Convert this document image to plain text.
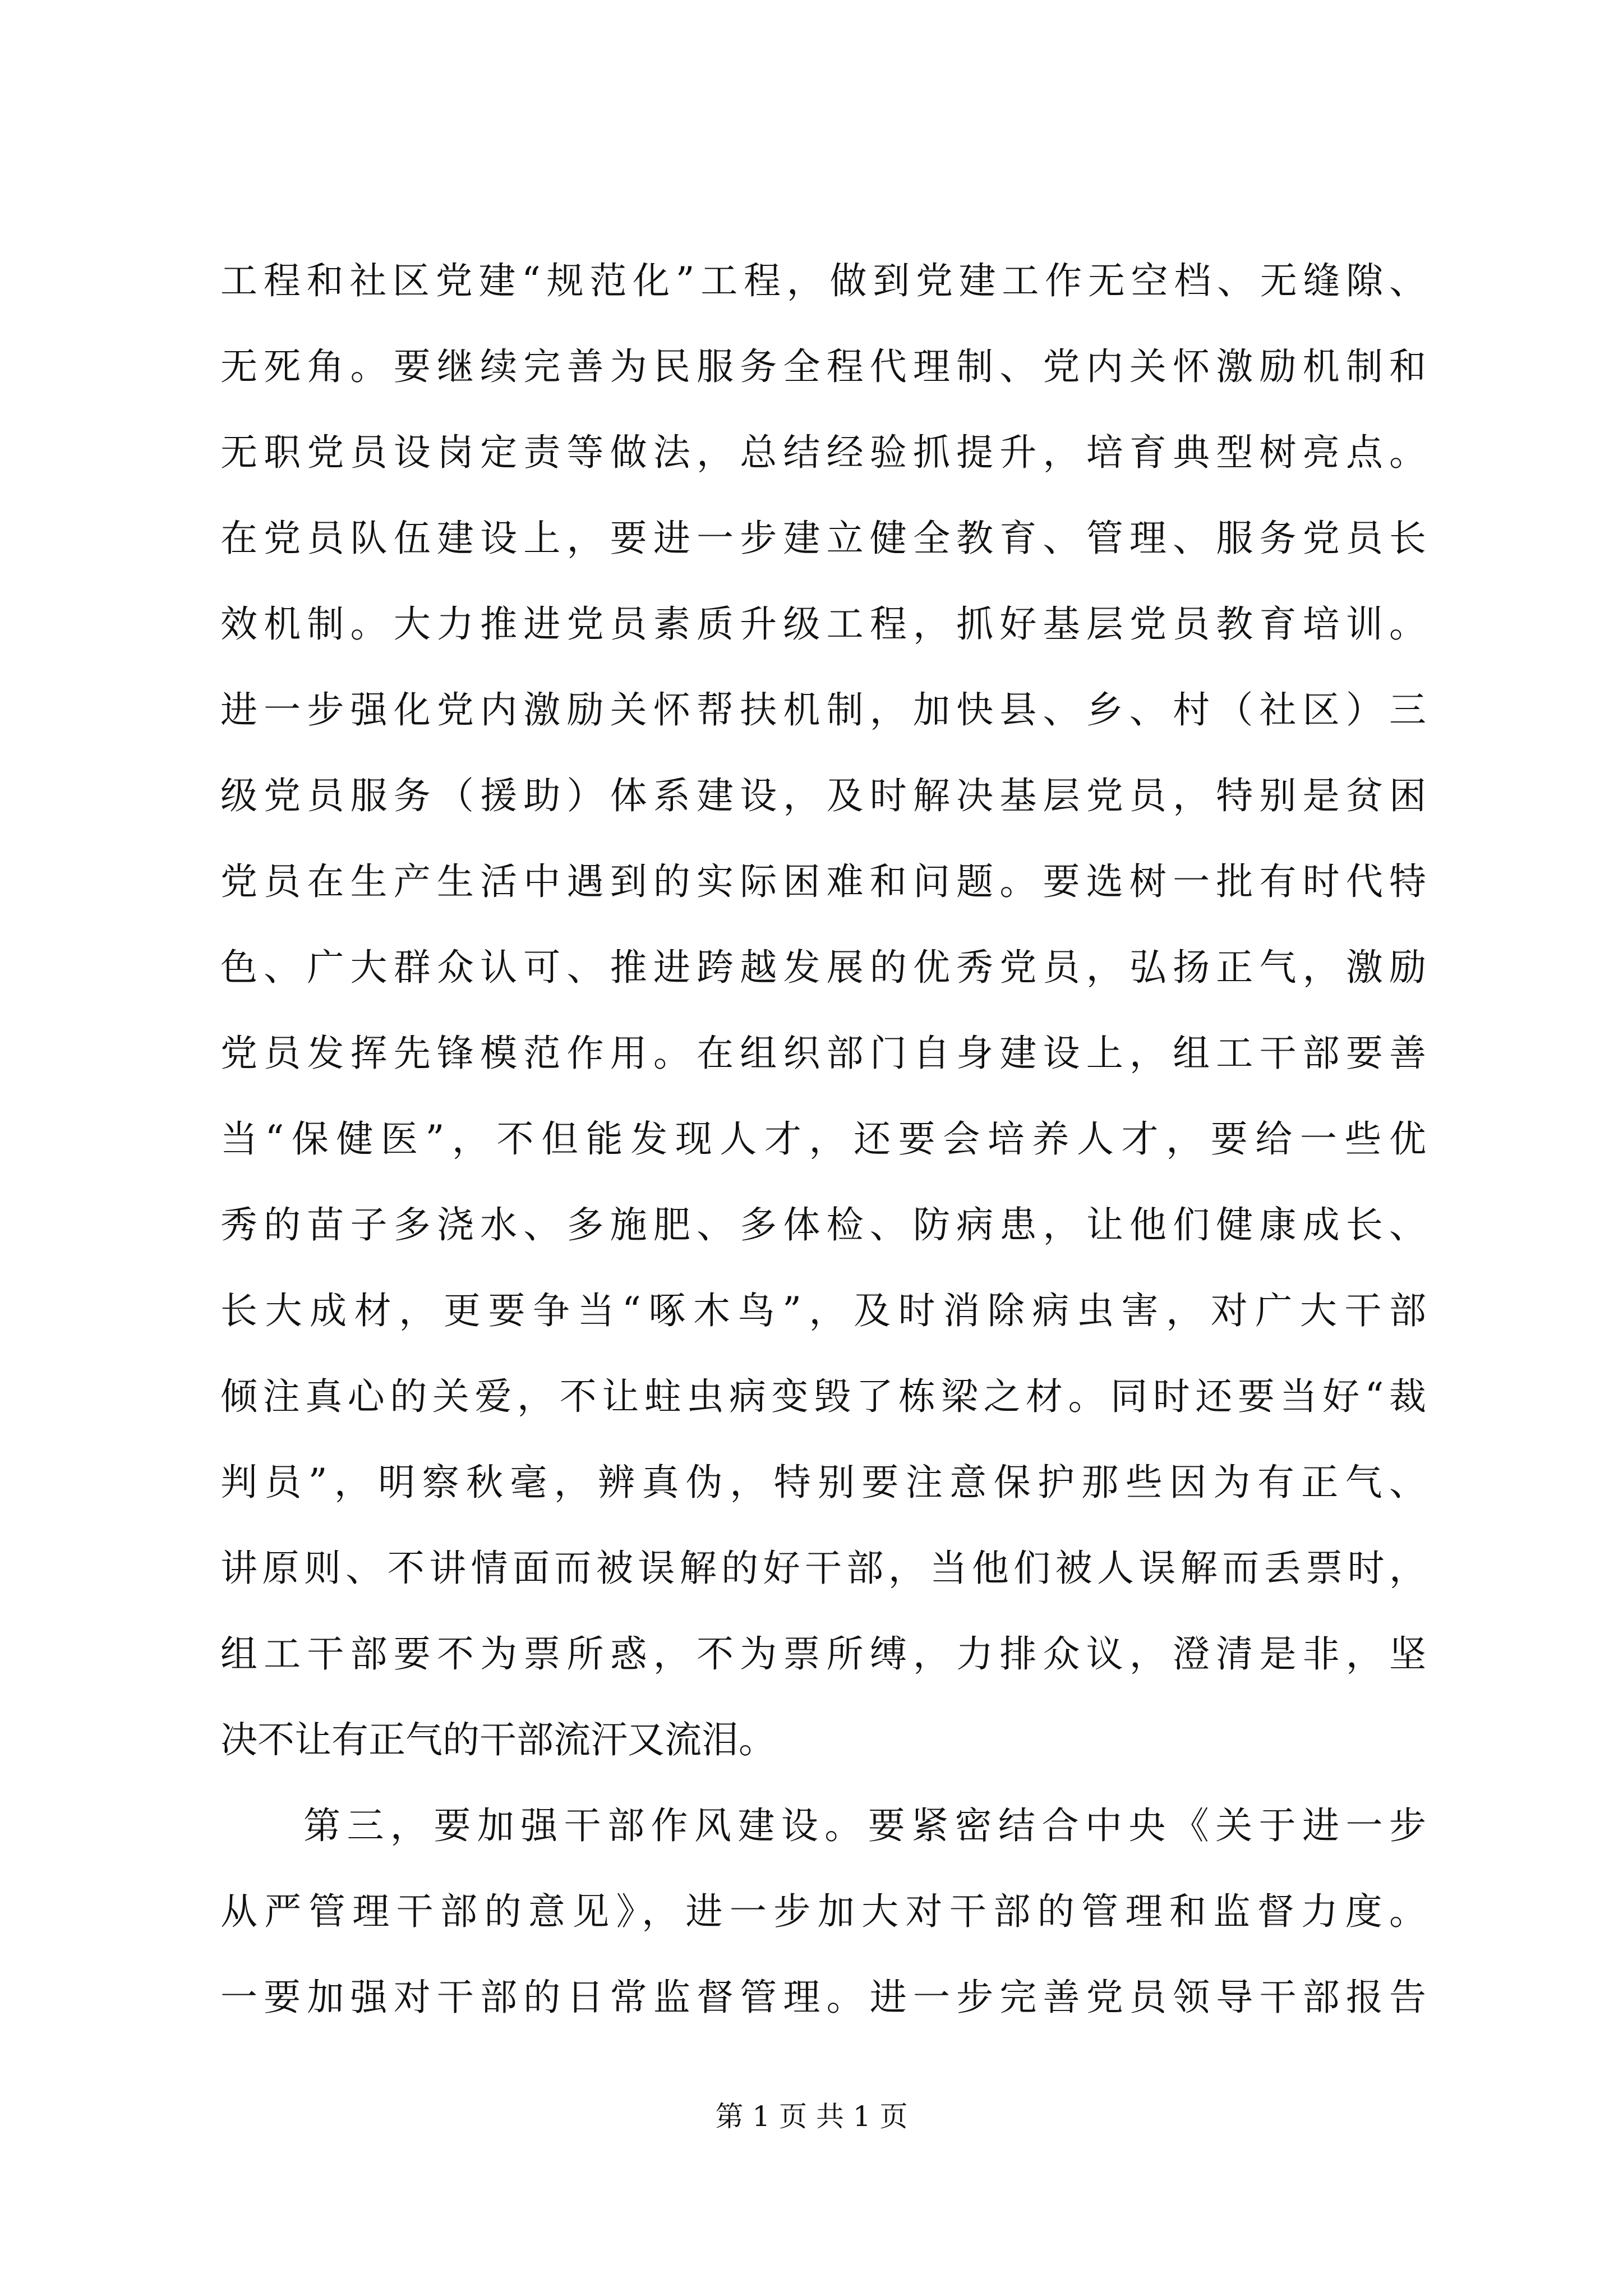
工程和社区党建“规范化”工程，做到党建工作无空档、无缝隙、
无死角。要继续完善为民服务全程代理制、党内关怀激励机制和
无职党员设岗定责等做法，总结经验抓提升，培育典型树亮点。
在党员队伍建设上，要进一步建立健全教育、管理、服务党员长
效机制。大力推进党员素质升级工程，抓好基层党员教育培训。
进一步强化党内激励关怀帮扶机制，加快县、乡、村（社区）三
级党员服务（援助）体系建设，及时解决基层党员，特别是贫困
党员在生产生活中遇到的实际困难和问题。要选树一批有时代特
色、广大群众认可、推进跨越发展的优秀党员，弘扬正气，激励
党员发挥先锋模范作用。在组织部门自身建设上，组工干部要善
当“保健医”，不但能发现人才，还要会培养人才，要给一些优
秀的苗子多浇水、多施肥、多体检、防病患，让他们健康成长、
长大成材，更要争当“啄木鸟”，及时消除病虫害，对广大干部
倾注真心的关爱，不让蛀虫病变毁了栋梁之材。同时还要当好“裁
判员”，明察秋毫，辨真伪，特别要注意保护那些因为有正气、
讲原则、不讲情面而被误解的好干部，当他们被人误解而丢票时，
组工干部要不为票所惑，不为票所缚，力排众议，澄清是非，坚
决不让有正气的干部流汗又流泪。
第三，要加强干部作风建设。要紧密结合中央《关于进一步
从严管理干部的意见》，进一步加大对干部的管理和监督力度。
一要加强对干部的日常监督管理。进一步完善党员领导干部报告
第 1 页 共 1 页
